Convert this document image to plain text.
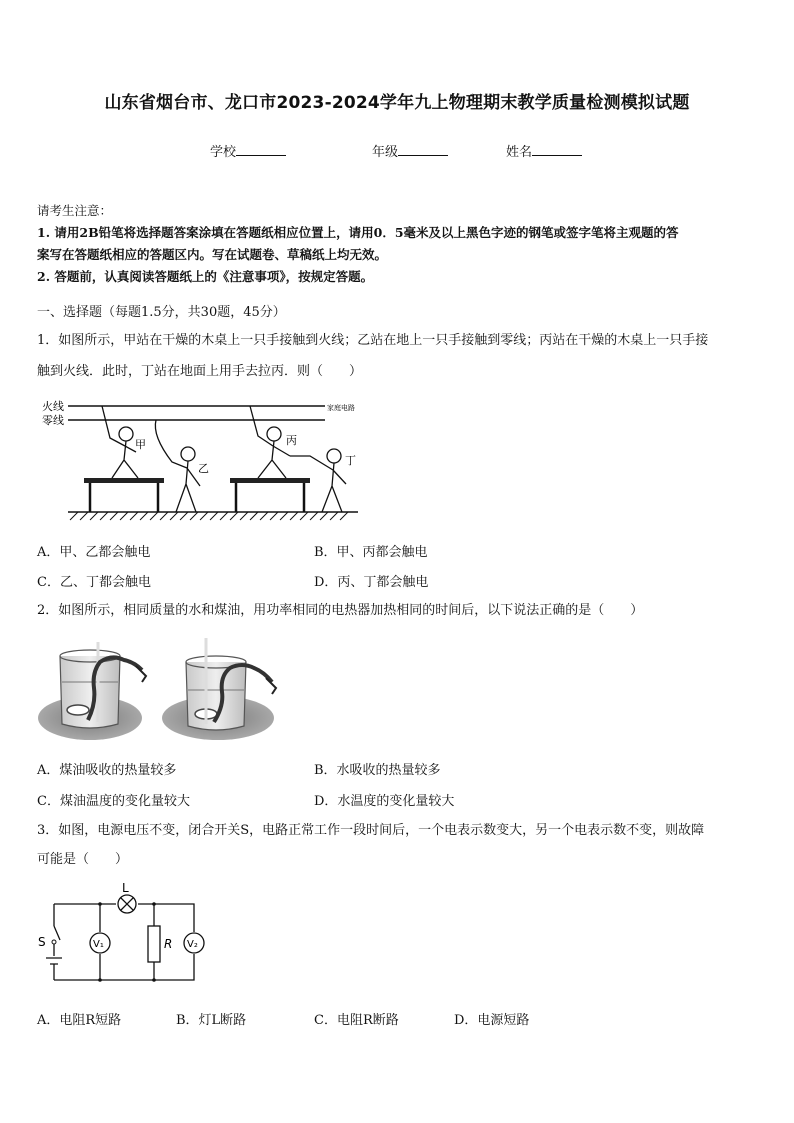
山东省烟台市、龙口市2023-2024学年九上物理期末教学质量检测模拟试题
学校	年级	姓名
请考生注意：
1. 请用2B铅笔将选择题答案涂填在答题纸相应位置上，请用0．5毫米及以上黑色字迹的钢笔或签字笔将主观题的答
案写在答题纸相应的答题区内。写在试题卷、草稿纸上均无效。
2. 答题前，认真阅读答题纸上的《注意事项》，按规定答题。
一、选择题（每题1.5分，共30题，45分）
1．如图所示，甲站在干燥的木桌上一只手接触到火线；乙站在地上一只手接触到零线；丙站在干燥的木桌上一只手接
触到火线．此时，丁站在地面上用手去拉丙．则（　　）
火线
零线
家庭电路
甲
乙
丙
丁
A．甲、乙都会触电	B．甲、丙都会触电
C．乙、丁都会触电	D．丙、丁都会触电
2．如图所示，相同质量的水和煤油，用功率相同的电热器加热相同的时间后，以下说法正确的是（　　）
A．煤油吸收的热量较多	B．水吸收的热量较多
C．煤油温度的变化量较大	D．水温度的变化量较大
3．如图，电源电压不变，闭合开关S，电路正常工作一段时间后，一个电表示数变大，另一个电表示数不变，则故障
可能是（　　）
L
S	R
V₁	V₂
A．电阻R短路	B．灯L断路	C．电阻R断路	D．电源短路
